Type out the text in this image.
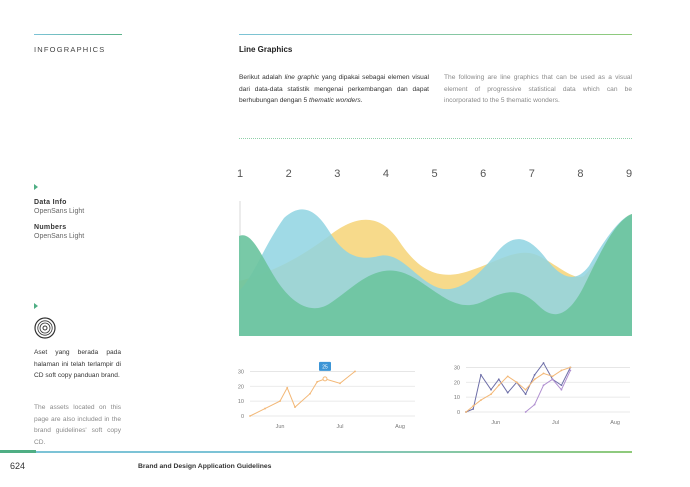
INFOGRAPHICS	Line Graphics
Berikut adalah line graphic yang dipakai sebagai elemen visual dari data-data statistik mengenai perkembangan dan dapat berhubungan dengan 5 thematic wonders.
The following are line graphics that can be used as a visual element of progressive statistical data which can be incorporated to the 5 thematic wonders.
Data Info
OpenSans Light
Numbers
OpenSans Light
Aset yang berada pada halaman ini telah terlampir di CD soft copy panduan brand.
The assets located on this page are also included in the brand guidelines' soft copy CD.
1	2	3	4	5	6	7	8	9
0
10
20
30
Jun	Jul	Aug
25
0
10
20
30
Jun	Jul	Aug
624	Brand and Design Application Guidelines
